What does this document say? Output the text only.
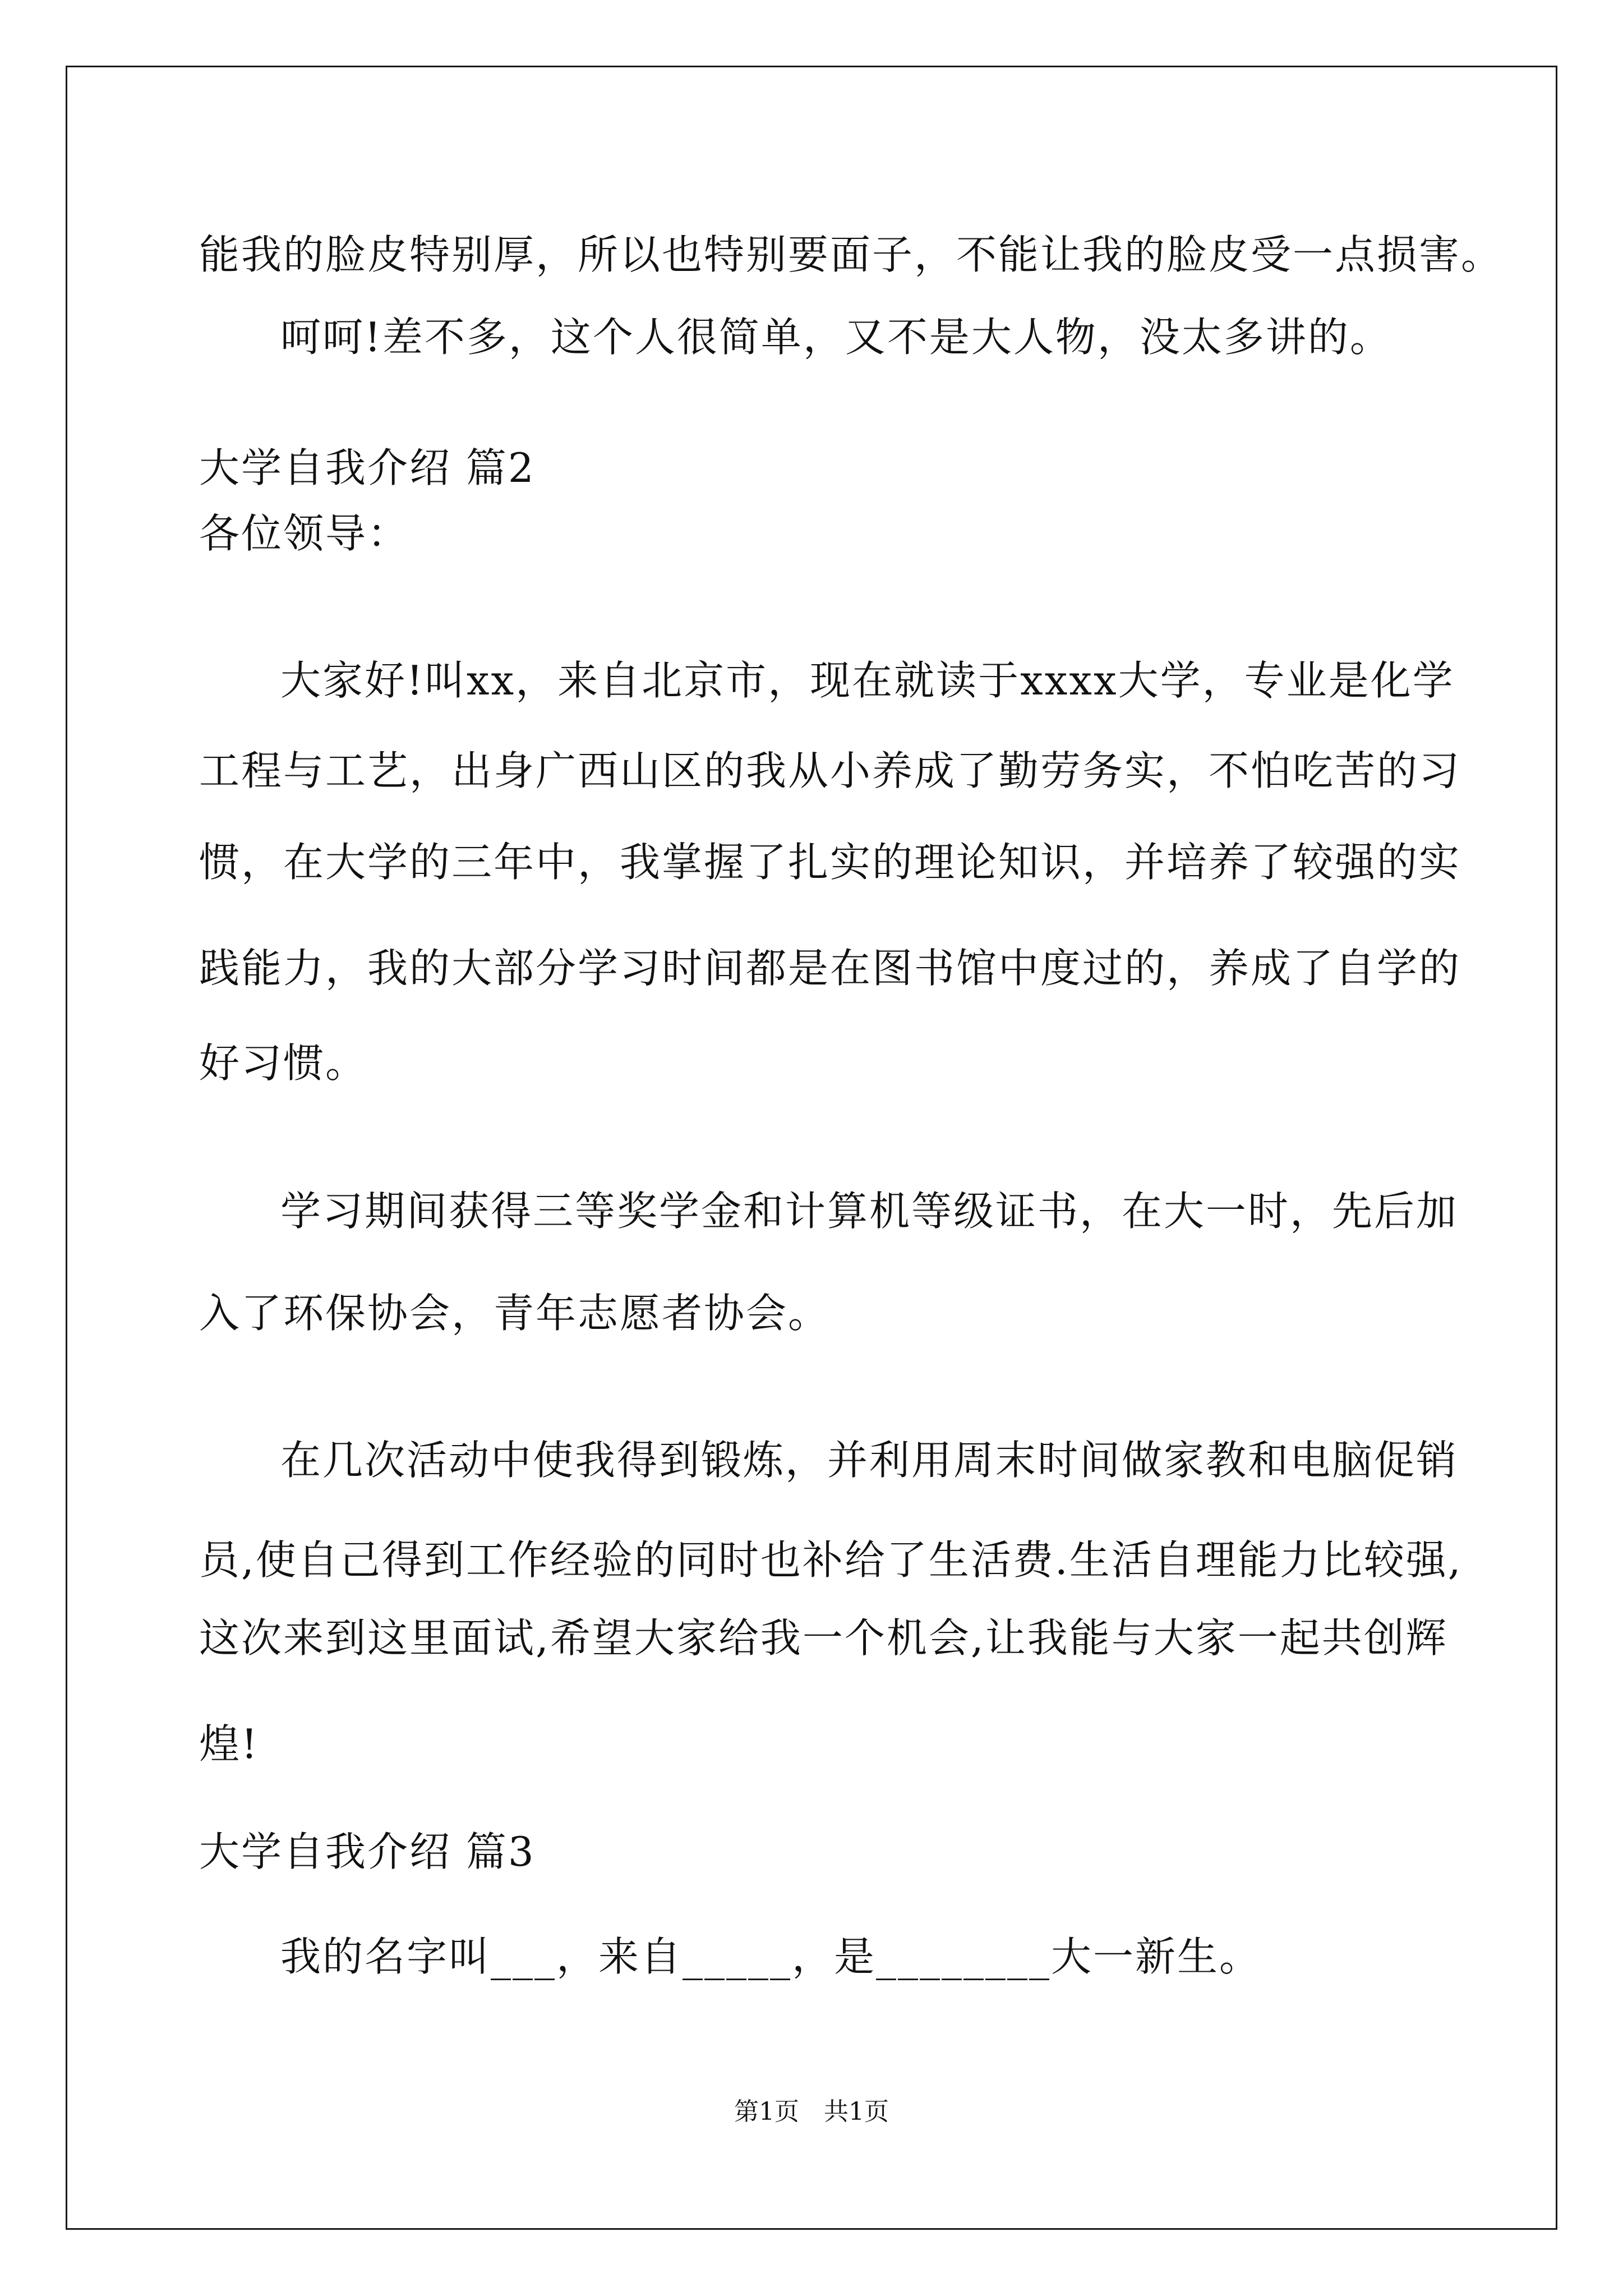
能我的脸皮特别厚，所以也特别要面子，不能让我的脸皮受一点损害。
呵呵!差不多，这个人很简单，又不是大人物，没太多讲的。
大学自我介绍 篇2
各位领导：
大家好!叫xx，来自北京市，现在就读于xxxx大学，专业是化学
工程与工艺，出身广西山区的我从小养成了勤劳务实，不怕吃苦的习
惯，在大学的三年中，我掌握了扎实的理论知识，并培养了较强的实
践能力，我的大部分学习时间都是在图书馆中度过的，养成了自学的
好习惯。
学习期间获得三等奖学金和计算机等级证书，在大一时，先后加
入了环保协会，青年志愿者协会。
在几次活动中使我得到锻炼，并利用周末时间做家教和电脑促销
员,使自己得到工作经验的同时也补给了生活费.生活自理能力比较强,
这次来到这里面试,希望大家给我一个机会,让我能与大家一起共创辉
煌!
大学自我介绍 篇3
我的名字叫___，来自_____，是________大一新生。
第1页　共1页
